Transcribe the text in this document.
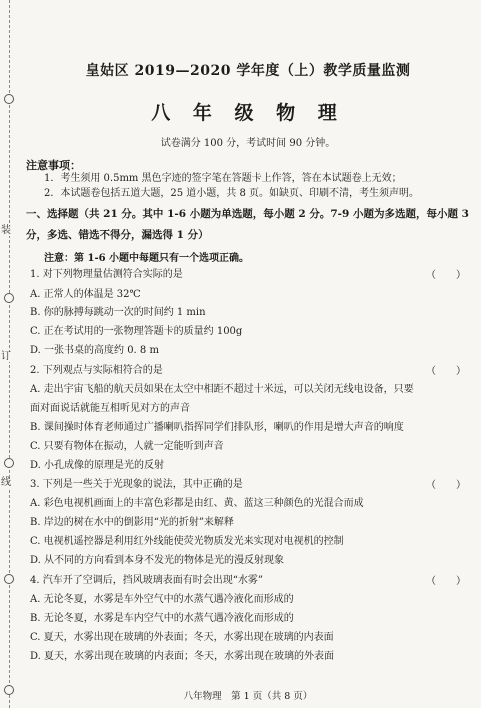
装
订
线
皇姑区 2019—2020 学年度（上）教学质量监测
八 年 级 物 理
试卷满分 100 分，考试时间 90 分钟。
注意事项：
1．考生须用 0.5mm 黑色字迹的签字笔在答题卡上作答，答在本试题卷上无效；
2．本试题卷包括五道大题，25 道小题，共 8 页。如缺页、印刷不清，考生须声明。
一、选择题（共 21 分。其中 1-6 小题为单选题，每小题 2 分。7-9 小题为多选题，每小题 3 分，多选、错选不得分，漏选得 1 分）
注意：第 1-6 小题中每题只有一个选项正确。
1. 对下列物理量估测符合实际的是	（　　）
A. 正常人的体温是 32℃
B. 你的脉搏每跳动一次的时间约 1 min
C. 正在考试用的一张物理答题卡的质量约 100g
D. 一张书桌的高度约 0. 8 m
2. 下列观点与实际相符合的是	（　　）
A. 走出宇宙飞船的航天员如果在太空中相距不超过十米远，可以关闭无线电设备，只要
面对面说话就能互相听见对方的声音
B. 课间操时体育老师通过广播喇叭指挥同学们排队形，喇叭的作用是增大声音的响度
C. 只要有物体在振动，人就一定能听到声音
D. 小孔成像的原理是光的反射
3. 下列是一些关于光现象的说法，其中正确的是	（　　）
A. 彩色电视机画面上的丰富色彩都是由红、黄、蓝这三种颜色的光混合而成
B. 岸边的树在水中的倒影用“光的折射”来解释
C. 电视机遥控器是利用红外线能使荧光物质发光来实现对电视机的控制
D. 从不同的方向看到本身不发光的物体是光的漫反射现象
4. 汽车开了空调后，挡风玻璃表面有时会出现“水雾”	（　　）
A. 无论冬夏，水雾是车外空气中的水蒸气遇冷液化而形成的
B. 无论冬夏，水雾是车内空气中的水蒸气遇冷液化而形成的
C. 夏天，水雾出现在玻璃的外表面；冬天，水雾出现在玻璃的内表面
D. 夏天，水雾出现在玻璃的内表面；冬天，水雾出现在玻璃的外表面
八年物理　第 1 页（共 8 页）
